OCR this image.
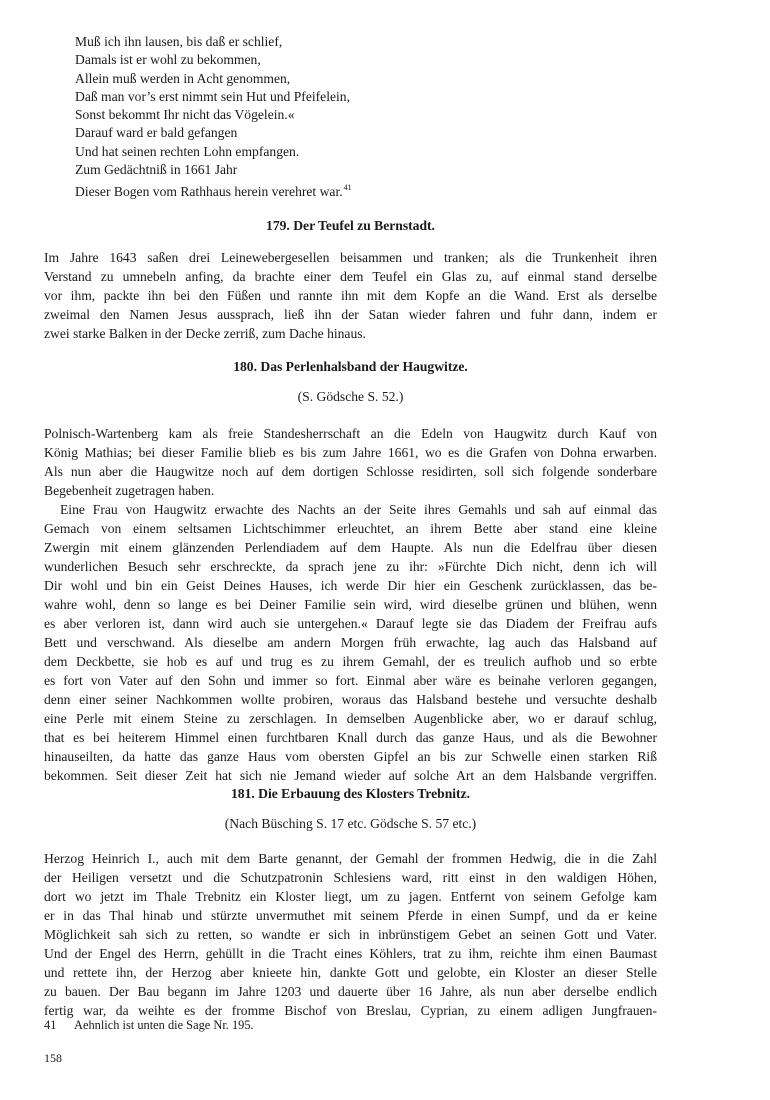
Muß ich ihn lausen, bis daß er schlief,
Damals ist er wohl zu bekommen,
Allein muß werden in Acht genommen,
Daß man vor’s erst nimmt sein Hut und Pfeifelein,
Sonst bekommt Ihr nicht das Vögelein.«
Darauf ward er bald gefangen
Und hat seinen rechten Lohn empfangen.
Zum Gedächtniß in 1661 Jahr
Dieser Bogen vom Rathhaus herein verehret war.$^{41}$
179. Der Teufel zu Bernstadt.
Im Jahre 1643 saßen drei Leinewebergesellen beisammen und tranken; als die Trunkenheit ihren
Verstand zu umnebeln anfing, da brachte einer dem Teufel ein Glas zu, auf einmal stand derselbe
vor ihm, packte ihn bei den Füßen und rannte ihn mit dem Kopfe an die Wand. Erst als derselbe
zweimal den Namen Jesus aussprach, ließ ihn der Satan wieder fahren und fuhr dann, indem er
zwei starke Balken in der Decke zerriß, zum Dache hinaus.
180. Das Perlenhalsband der Haugwitze.
(S. Gödsche S. 52.)
Polnisch-Wartenberg kam als freie Standesherrschaft an die Edeln von Haugwitz durch Kauf von
König Mathias; bei dieser Familie blieb es bis zum Jahre 1661, wo es die Grafen von Dohna erwarben.
Als nun aber die Haugwitze noch auf dem dortigen Schlosse residirten, soll sich folgende sonderbare
Begebenheit zugetragen haben.
Eine Frau von Haugwitz erwachte des Nachts an der Seite ihres Gemahls und sah auf einmal das
Gemach von einem seltsamen Lichtschimmer erleuchtet, an ihrem Bette aber stand eine kleine
Zwergin mit einem glänzenden Perlendiadem auf dem Haupte. Als nun die Edelfrau über diesen
wunderlichen Besuch sehr erschreckte, da sprach jene zu ihr: »Fürchte Dich nicht, denn ich will
Dir wohl und bin ein Geist Deines Hauses, ich werde Dir hier ein Geschenk zurücklassen, das be-
wahre wohl, denn so lange es bei Deiner Familie sein wird, wird dieselbe grünen und blühen, wenn
es aber verloren ist, dann wird auch sie untergehen.« Darauf legte sie das Diadem der Freifrau aufs
Bett und verschwand. Als dieselbe am andern Morgen früh erwachte, lag auch das Halsband auf
dem Deckbette, sie hob es auf und trug es zu ihrem Gemahl, der es treulich aufhob und so erbte
es fort von Vater auf den Sohn und immer so fort. Einmal aber wäre es beinahe verloren gegangen,
denn einer seiner Nachkommen wollte probiren, woraus das Halsband bestehe und versuchte deshalb
eine Perle mit einem Steine zu zerschlagen. In demselben Augenblicke aber, wo er darauf schlug,
that es bei heiterem Himmel einen furchtbaren Knall durch das ganze Haus, und als die Bewohner
hinauseilten, da hatte das ganze Haus vom obersten Gipfel an bis zur Schwelle einen starken Riß
bekommen. Seit dieser Zeit hat sich nie Jemand wieder auf solche Art an dem Halsbande vergriffen.
181. Die Erbauung des Klosters Trebnitz.
(Nach Büsching S. 17 etc. Gödsche S. 57 etc.)
Herzog Heinrich I., auch mit dem Barte genannt, der Gemahl der frommen Hedwig, die in die Zahl
der Heiligen versetzt und die Schutzpatronin Schlesiens ward, ritt einst in den waldigen Höhen,
dort wo jetzt im Thale Trebnitz ein Kloster liegt, um zu jagen. Entfernt von seinem Gefolge kam
er in das Thal hinab und stürzte unvermuthet mit seinem Pferde in einen Sumpf, und da er keine
Möglichkeit sah sich zu retten, so wandte er sich in inbrünstigem Gebet an seinen Gott und Vater.
Und der Engel des Herrn, gehüllt in die Tracht eines Köhlers, trat zu ihm, reichte ihm einen Baumast
und rettete ihn, der Herzog aber knieete hin, dankte Gott und gelobte, ein Kloster an dieser Stelle
zu bauen. Der Bau begann im Jahre 1203 und dauerte über 16 Jahre, als nun aber derselbe endlich
fertig war, da weihte es der fromme Bischof von Breslau, Cyprian, zu einem adligen Jungfrauen-
41 Aehnlich ist unten die Sage Nr. 195.
158
